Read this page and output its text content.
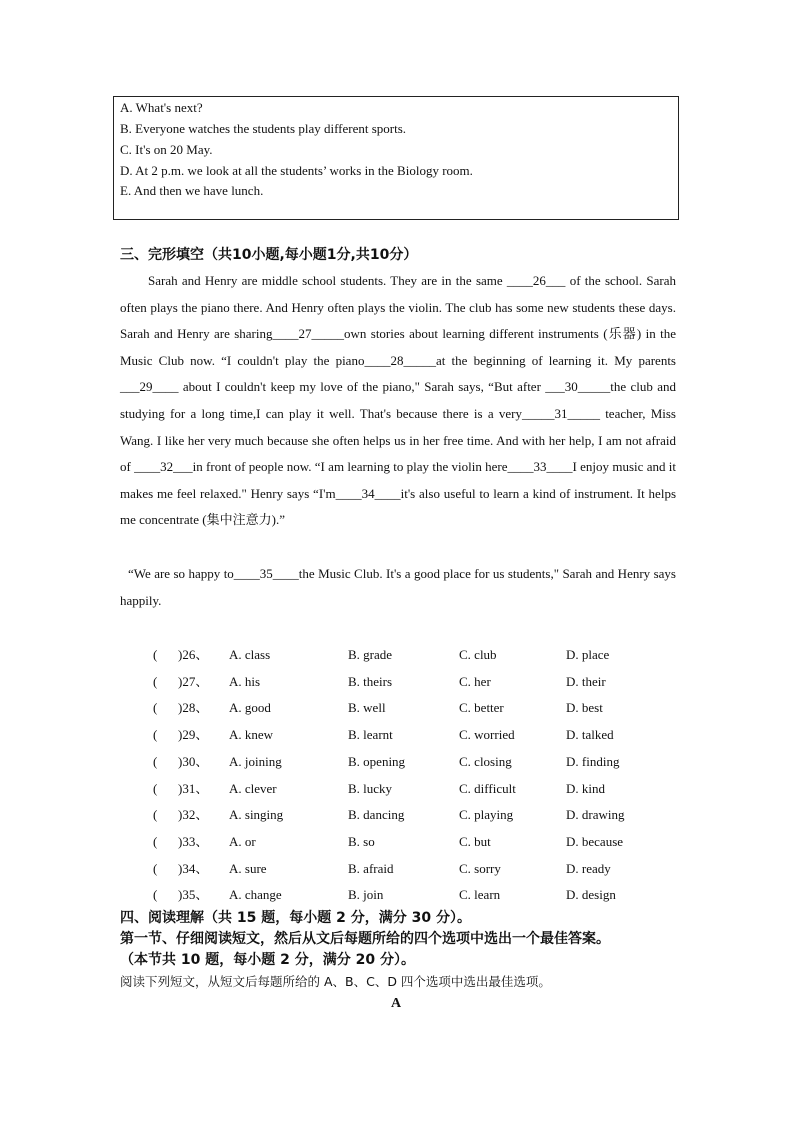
A. What's next?
B. Everyone watches the students play different sports.
C. It's on 20 May.
D. At 2 p.m. we look at all the students’ works in the Biology room.
E. And then we have lunch.
三、完形填空（共10小题,每小题1分,共10分）

Sarah and Henry are middle school students. They are in the same ____26___ of the school. Sarah often plays the piano there. And Henry often plays the violin. The club has some new students these days. Sarah and Henry are sharing____27_____own stories about learning different instruments (乐器) in the Music Club now. “I couldn't play the piano____28_____at the beginning of learning it. My parents ___29____ about I couldn't keep my love of the piano," Sarah says, “But after ___30_____the club and studying for a long time,I can play it well. That's because there is a very_____31_____ teacher, Miss Wang. I like her very much because she often helps us in her free time. And with her help, I am not afraid of ____32___in front of people now. “I am learning to play the violin here____33____I enjoy music and it makes me feel relaxed." Henry says “I'm____34____it's also useful to learn a kind of instrument. It helps me concentrate (集中注意力).”

“We are so happy to____35____the Music Club. It's a good place for us students," Sarah and Henry says happily.

( )26、 A. class	B. grade	C. club	D. place
( )27、 A. his	B. theirs	C. her	D. their
( )28、 A. good	B. well	C. better	D. best
( )29、 A. knew	B. learnt	C. worried	D. talked
( )30、 A. joining	B. opening	C. closing	D. finding
( )31、 A. clever	B. lucky	C. difficult	D. kind
( )32、 A. singing	B. dancing	C. playing	D. drawing
( )33、 A. or	B. so	C. but	D. because
( )34、 A. sure	B. afraid	C. sorry	D. ready
( )35、 A. change	B. join	C. learn	D. design
四、阅读理解（共 15 题，每小题 2 分，满分 30 分）。
第一节、仔细阅读短文，然后从文后每题所给的四个选项中选出一个最佳答案。
（本节共 10 题，每小题 2 分，满分 20 分）。
阅读下列短文，从短文后每题所给的 A、B、C、D 四个选项中选出最佳选项。
A
